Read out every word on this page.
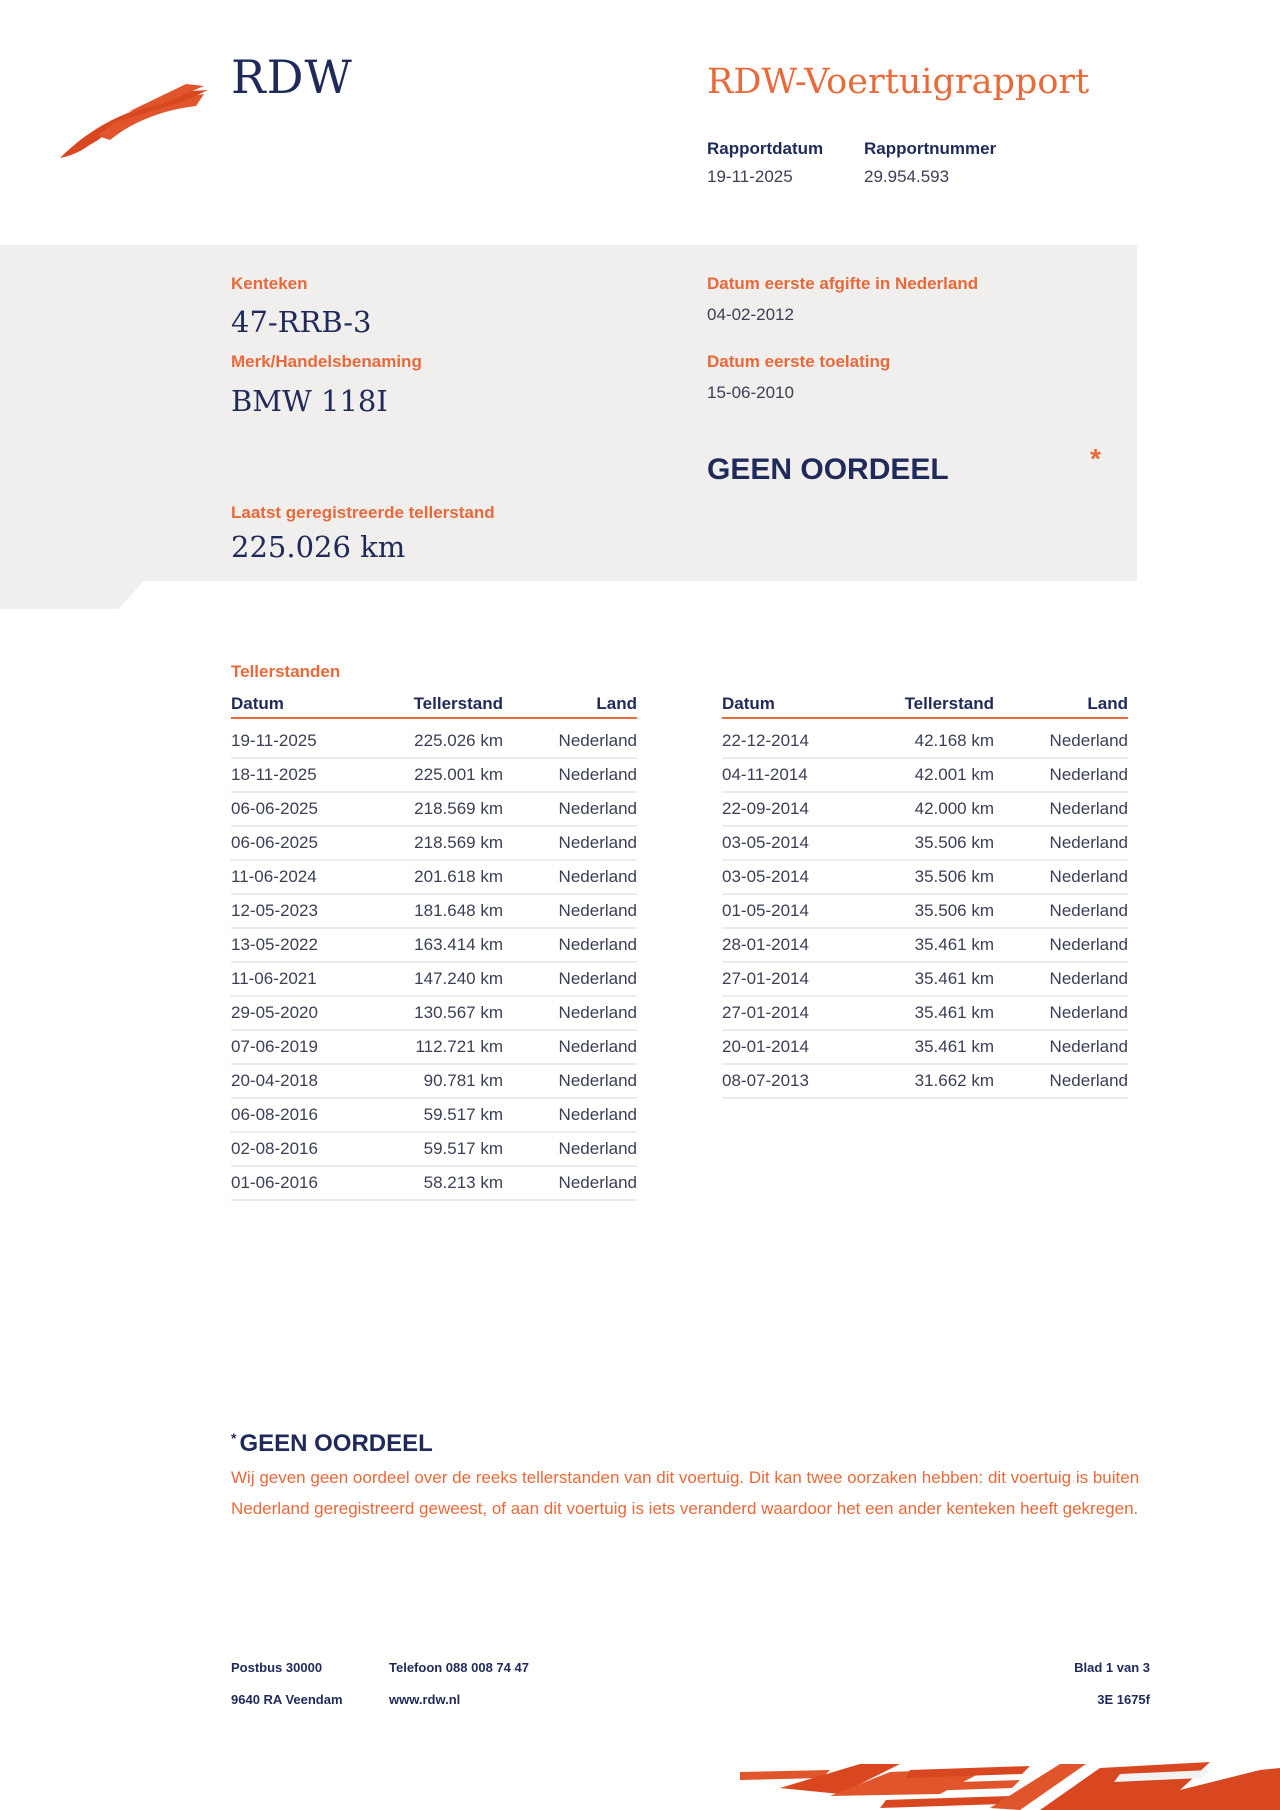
RDW	RDW-Voertuigrapport
Rapportdatum
19-11-2025
Rapportnummer
29.954.593
Kenteken
47-RRB-3
Merk/Handelsbenaming
BMW 118I
Datum eerste afgifte in Nederland
04-02-2012
Datum eerste toelating
15-06-2010
GEEN OORDEEL	*
Laatst geregistreerde tellerstand
225.026 km
Tellerstanden
Datum	Tellerstand	Land
19-11-2025	225.026 km	Nederland
18-11-2025	225.001 km	Nederland
06-06-2025	218.569 km	Nederland
06-06-2025	218.569 km	Nederland
11-06-2024	201.618 km	Nederland
12-05-2023	181.648 km	Nederland
13-05-2022	163.414 km	Nederland
11-06-2021	147.240 km	Nederland
29-05-2020	130.567 km	Nederland
07-06-2019	112.721 km	Nederland
20-04-2018	90.781 km	Nederland
06-08-2016	59.517 km	Nederland
02-08-2016	59.517 km	Nederland
01-06-2016	58.213 km	Nederland
Datum	Tellerstand	Land
22-12-2014	42.168 km	Nederland
04-11-2014	42.001 km	Nederland
22-09-2014	42.000 km	Nederland
03-05-2014	35.506 km	Nederland
03-05-2014	35.506 km	Nederland
01-05-2014	35.506 km	Nederland
28-01-2014	35.461 km	Nederland
27-01-2014	35.461 km	Nederland
27-01-2014	35.461 km	Nederland
20-01-2014	35.461 km	Nederland
08-07-2013	31.662 km	Nederland
* GEEN OORDEEL
Wij geven geen oordeel over de reeks tellerstanden van dit voertuig. Dit kan twee oorzaken hebben: dit voertuig is buiten Nederland geregistreerd geweest, of aan dit voertuig is iets veranderd waardoor het een ander kenteken heeft gekregen.
Postbus 30000
9640 RA Veendam
Telefoon 088 008 74 47
www.rdw.nl
Blad 1 van 3
3E 1675f
